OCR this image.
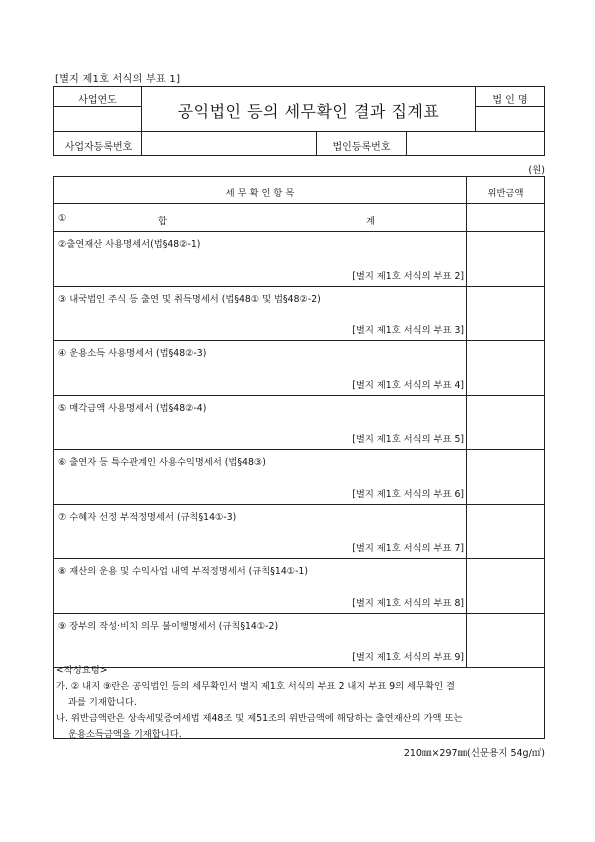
[별지 제1호 서식의 부표 1]
사업연도
공익법인 등의 세무확인 결과 집계표
법 인 명
사업자등록번호	법인등록번호
(원)
세 무 확 인 항 목	위반금액
①	합	계
②출연재산 사용명세서(법§48②-1)
[별지 제1호 서식의 부표 2]
③ 내국법인 주식 등 출연 및 취득명세서 (법§48① 및 법§48②-2)
[별지 제1호 서식의 부표 3]
④ 운용소득 사용명세서 (법§48②-3)
[별지 제1호 서식의 부표 4]
⑤ 매각금액 사용명세서 (법§48②-4)
[별지 제1호 서식의 부표 5]
⑥ 출연자 등 특수관계인 사용수익명세서 (법§48③)
[별지 제1호 서식의 부표 6]
⑦ 수혜자 선정 부적정명세서 (규칙§14①-3)
[별지 제1호 서식의 부표 7]
⑧ 재산의 운용 및 수익사업 내역 부적정명세서 (규칙§14①-1)
[별지 제1호 서식의 부표 8]
⑨ 장부의 작성·비치 의무 불이행명세서 (규칙§14①-2)
[별지 제1호 서식의 부표 9]
<작성요령>
가. ② 내지 ⑨란은 공익법인 등의 세무확인서 별지 제1호 서식의 부표 2 내지 부표 9의 세무확인 결
과를 기재합니다.
나. 위반금액란은 상속세및증여세법 제48조 및 제51조의 위반금액에 해당하는 출연재산의 가액 또는
운용소득금액을 기재합니다.
210㎜×297㎜(신문용지 54g/㎡)
